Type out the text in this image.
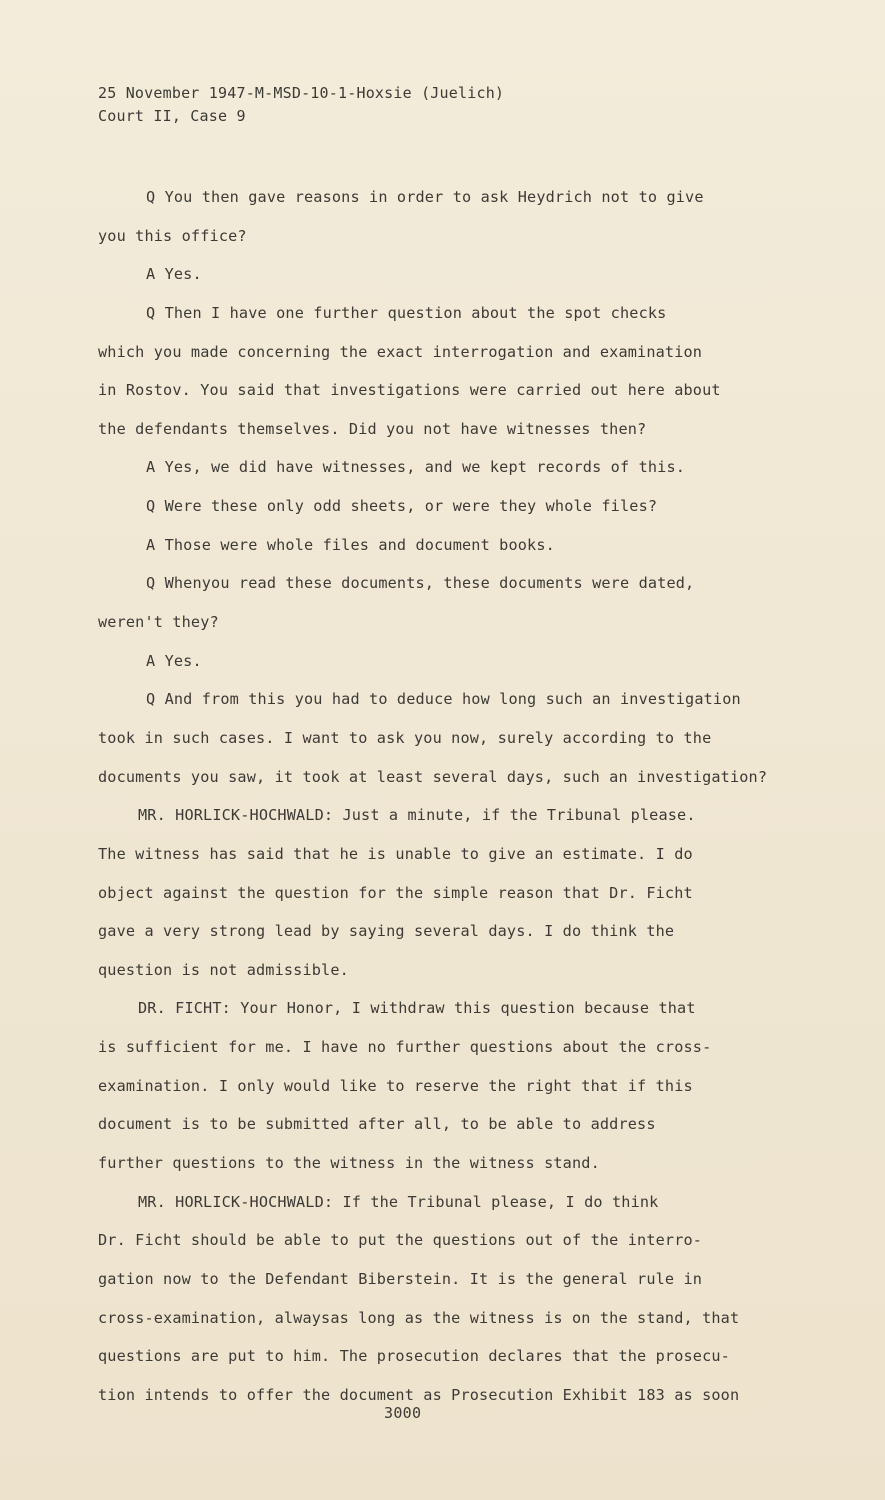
25 November 1947-M-MSD-10-1-Hoxsie (Juelich)
Court II, Case 9
Q You then gave reasons in order to ask Heydrich not to give
you this office?
A Yes.
Q Then I have one further question about the spot checks
which you made concerning the exact interrogation and examination
in Rostov. You said that investigations were carried out here about
the defendants themselves. Did you not have witnesses then?
A Yes, we did have witnesses, and we kept records of this.
Q Were these only odd sheets, or were they whole files?
A Those were whole files and document books.
Q Whenyou read these documents, these documents were dated,
weren't they?
A Yes.
Q And from this you had to deduce how long such an investigation
took in such cases. I want to ask you now, surely according to the
documents you saw, it took at least several days, such an investigation?
MR. HORLICK-HOCHWALD: Just a minute, if the Tribunal please.
The witness has said that he is unable to give an estimate. I do
object against the question for the simple reason that Dr. Ficht
gave a very strong lead by saying several days. I do think the
question is not admissible.
DR. FICHT: Your Honor, I withdraw this question because that
is sufficient for me. I have no further questions about the cross-
examination. I only would like to reserve the right that if this
document is to be submitted after all, to be able to address
further questions to the witness in the witness stand.
MR. HORLICK-HOCHWALD: If the Tribunal please, I do think
Dr. Ficht should be able to put the questions out of the interro-
gation now to the Defendant Biberstein. It is the general rule in
cross-examination, alwaysas long as the witness is on the stand, that
questions are put to him. The prosecution declares that the prosecu-
tion intends to offer the document as Prosecution Exhibit 183 as soon
3000
